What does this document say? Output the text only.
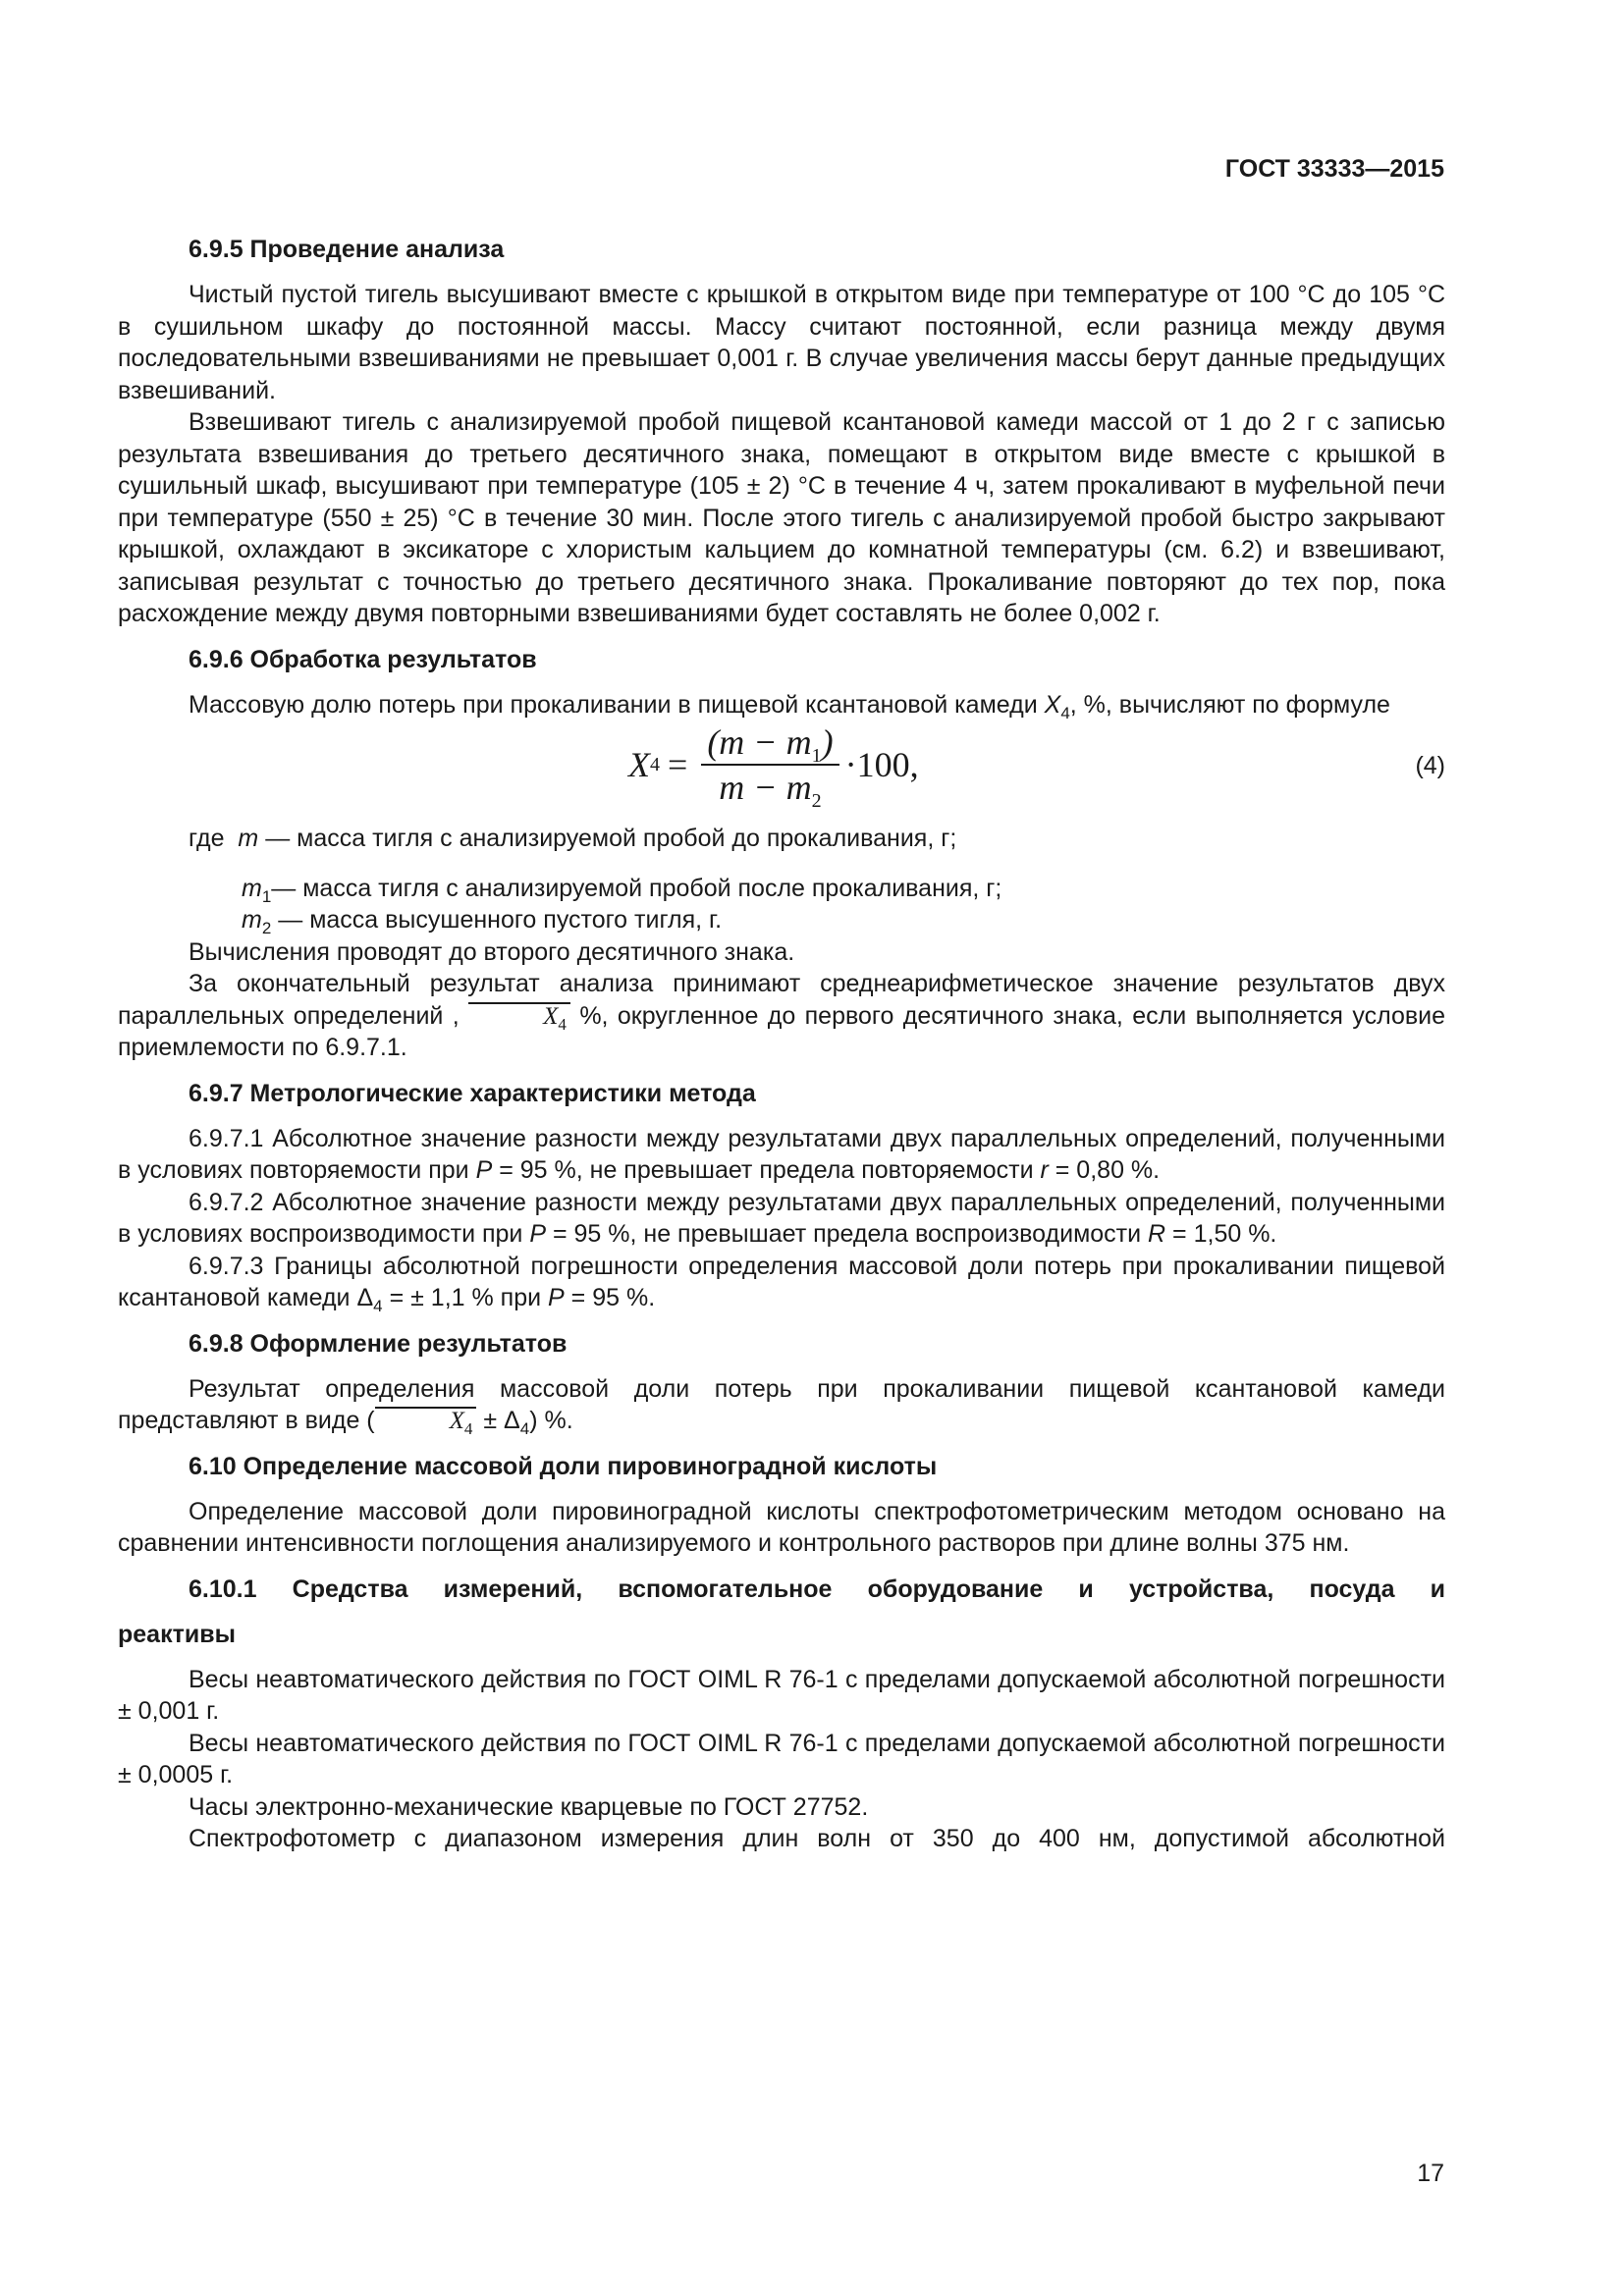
ГОСТ 33333—2015
6.9.5 Проведение анализа

Чистый пустой тигель высушивают вместе с крышкой в открытом виде при температуре от 100 °С до 105 °С в сушильном шкафу до постоянной массы. Массу считают постоянной, если разница между двумя последовательными взвешиваниями не превышает 0,001 г. В случае увеличения массы берут данные предыдущих взвешиваний.

Взвешивают тигель с анализируемой пробой пищевой ксантановой камеди массой от 1 до 2 г с записью результата взвешивания до третьего десятичного знака, помещают в открытом виде вместе с крышкой в сушильный шкаф, высушивают при температуре (105 ± 2) °С в течение 4 ч, затем прокаливают в муфельной печи при температуре (550 ± 25) °С в течение 30 мин. После этого тигель с анализируемой пробой быстро закрывают крышкой, охлаждают в эксикаторе с хлористым кальцием до комнатной температуры (см. 6.2) и взвешивают, записывая результат с точностью до третьего десятичного знака. Прокаливание повторяют до тех пор, пока расхождение между двумя повторными взвешиваниями будет составлять не более 0,002 г.

6.9.6 Обработка результатов

Массовую долю потерь при прокаливании в пищевой ксантановой камеди $X_4$, %, вычисляют по формуле

X $4 = \frac{(m - m_1)}{m - m_2} \cdot 100$,	(4)
где m — масса тигля с анализируемой пробой до прокаливания, г;
$m_1—$ масса тигля с анализируемой пробой после прокаливания, г;
$m_2$ — масса высушенного пустого тигля, г.

Вычисления проводят до второго десятичного знака.

За окончательный результат анализа принимают среднеарифметическое значение результатов двух параллельных определений ,	$X_4$ %, округленное до первого десятичного знака, если выполняется условие приемлемости по 6.9.7.1.

6.9.7 Метрологические характеристики метода

6.9.7.1 Абсолютное значение разности между результатами двух параллельных определений, полученными в условиях повторяемости при P = 95 %, не превышает предела повторяемости r = 0,80 %.

6.9.7.2 Абсолютное значение разности между результатами двух параллельных определений, полученными в условиях воспроизводимости при P = 95 %, не превышает предела воспроизводимости R = 1,50 %.

6.9.7.3 Границы абсолютной погрешности определения массовой доли потерь при прокаливании пищевой ксантановой камеди $\Delta_4$ = ± 1,1 % при P = 95 %.

6.9.8 Оформление результатов

Результат определения массовой доли потерь при прокаливании пищевой ксантановой камеди представляют в виде (	$X_4 \pm \Delta_4$) %.

6.10 Определение массовой доли пировиноградной кислоты

Определение массовой доли пировиноградной кислоты спектрофотометрическим методом основано на сравнении интенсивности поглощения анализируемого и контрольного растворов при длине волны 375 нм.

6.10.1 Средства измерений, вспомогательное оборудование и устройства, посуда и
реактивы

Весы неавтоматического действия по ГОСТ OIML R 76-1 с пределами допускаемой абсолютной погрешности ± 0,001 г.

Весы неавтоматического действия по ГОСТ OIML R 76-1 с пределами допускаемой абсолютной погрешности ± 0,0005 г.

Часы электронно-механические кварцевые по ГОСТ 27752.

Спектрофотометр с диапазоном измерения длин волн от 350 до 400 нм, допустимой абсолютной

17
